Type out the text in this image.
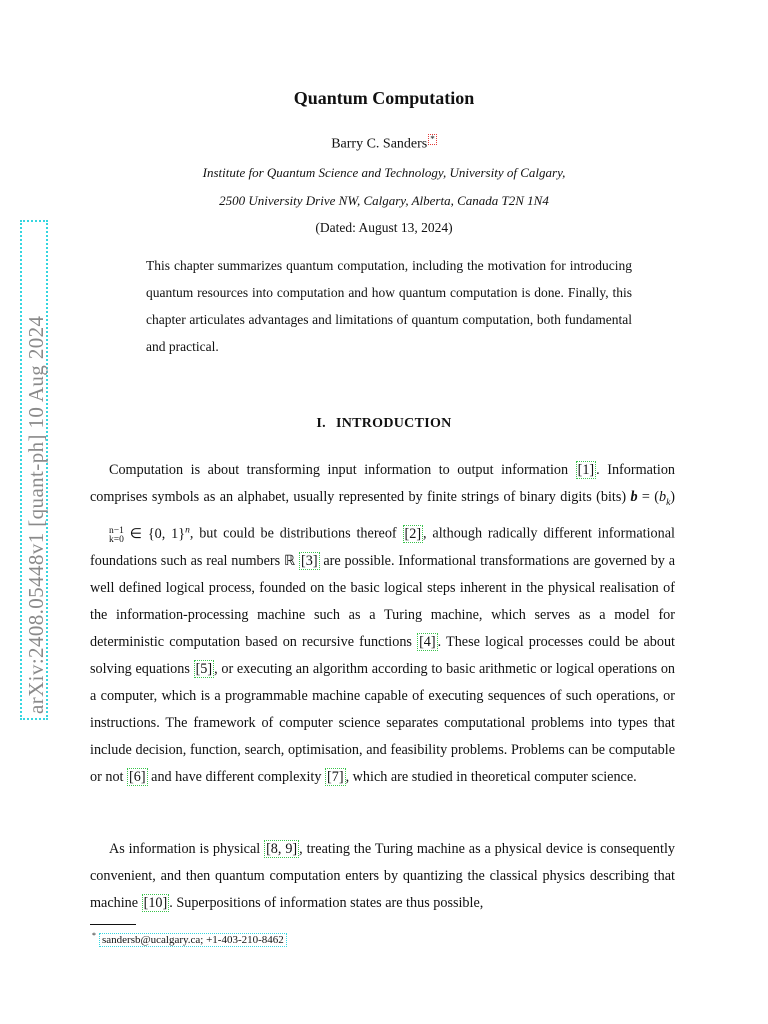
arXiv:2408.05448v1 [quant-ph] 10 Aug 2024
Quantum Computation
Barry C. Sanders *
Institute for Quantum Science and Technology, University of Calgary,
2500 University Drive NW, Calgary, Alberta, Canada T2N 1N4
(Dated: August 13, 2024)
This chapter summarizes quantum computation, including the motivation for introducing quantum resources into computation and how quantum computation is done. Finally, this chapter articulates advantages and limitations of quantum computation, both fundamental and practical.
I. INTRODUCTION
Computation is about transforming input information to output information [1] . Information comprises symbols as an alphabet, usually represented by finite strings of binary digits (bits) $b = (b_k)$
n−1
k=0 ∈ {0, 1}$^n$, but could be distributions thereof [2] , although radically different informational foundations such as real numbers ℝ [3] are possible. Informational transformations are governed by a well defined logical process, founded on the basic logical steps inherent in the physical realisation of the information-processing machine such as a Turing machine, which serves as a model for deterministic computation based on recursive functions [4] . These logical processes could be about solving equations [5] , or executing an algorithm according to basic arithmetic or logical operations on a computer, which is a programmable machine capable of executing sequences of such operations, or instructions. The framework of computer science separates computational problems into types that include decision, function, search, optimisation, and feasibility problems. Problems can be computable or not [6] and have different complexity [7] , which are studied in theoretical computer science.
As information is physical [8, 9] , treating the Turing machine as a physical device is consequently convenient, and then quantum computation enters by quantizing the classical physics describing that machine [10] . Superpositions of information states are thus possible,
* sandersb@ucalgary.ca; +1-403-210-8462
